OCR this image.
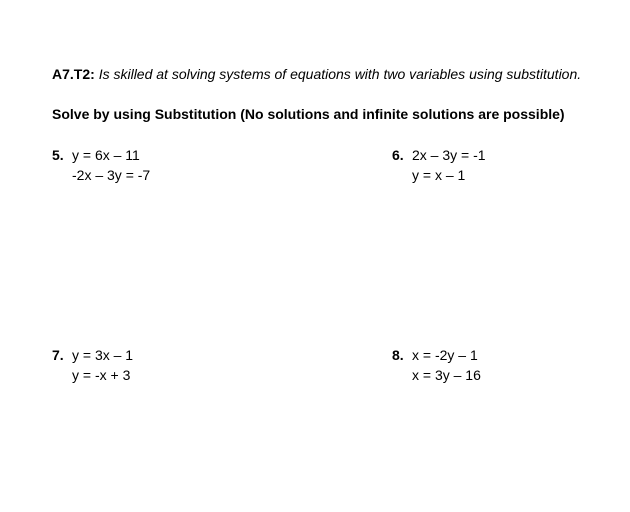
A7.T2: Is skilled at solving systems of equations with two variables using substitution.
Solve by using Substitution (No solutions and infinite solutions are possible)
5. y = 6x – 11
-2x – 3y = -7
6. 2x – 3y = -1
y = x – 1
7. y = 3x – 1
y = -x + 3
8. x = -2y – 1
x = 3y – 16
